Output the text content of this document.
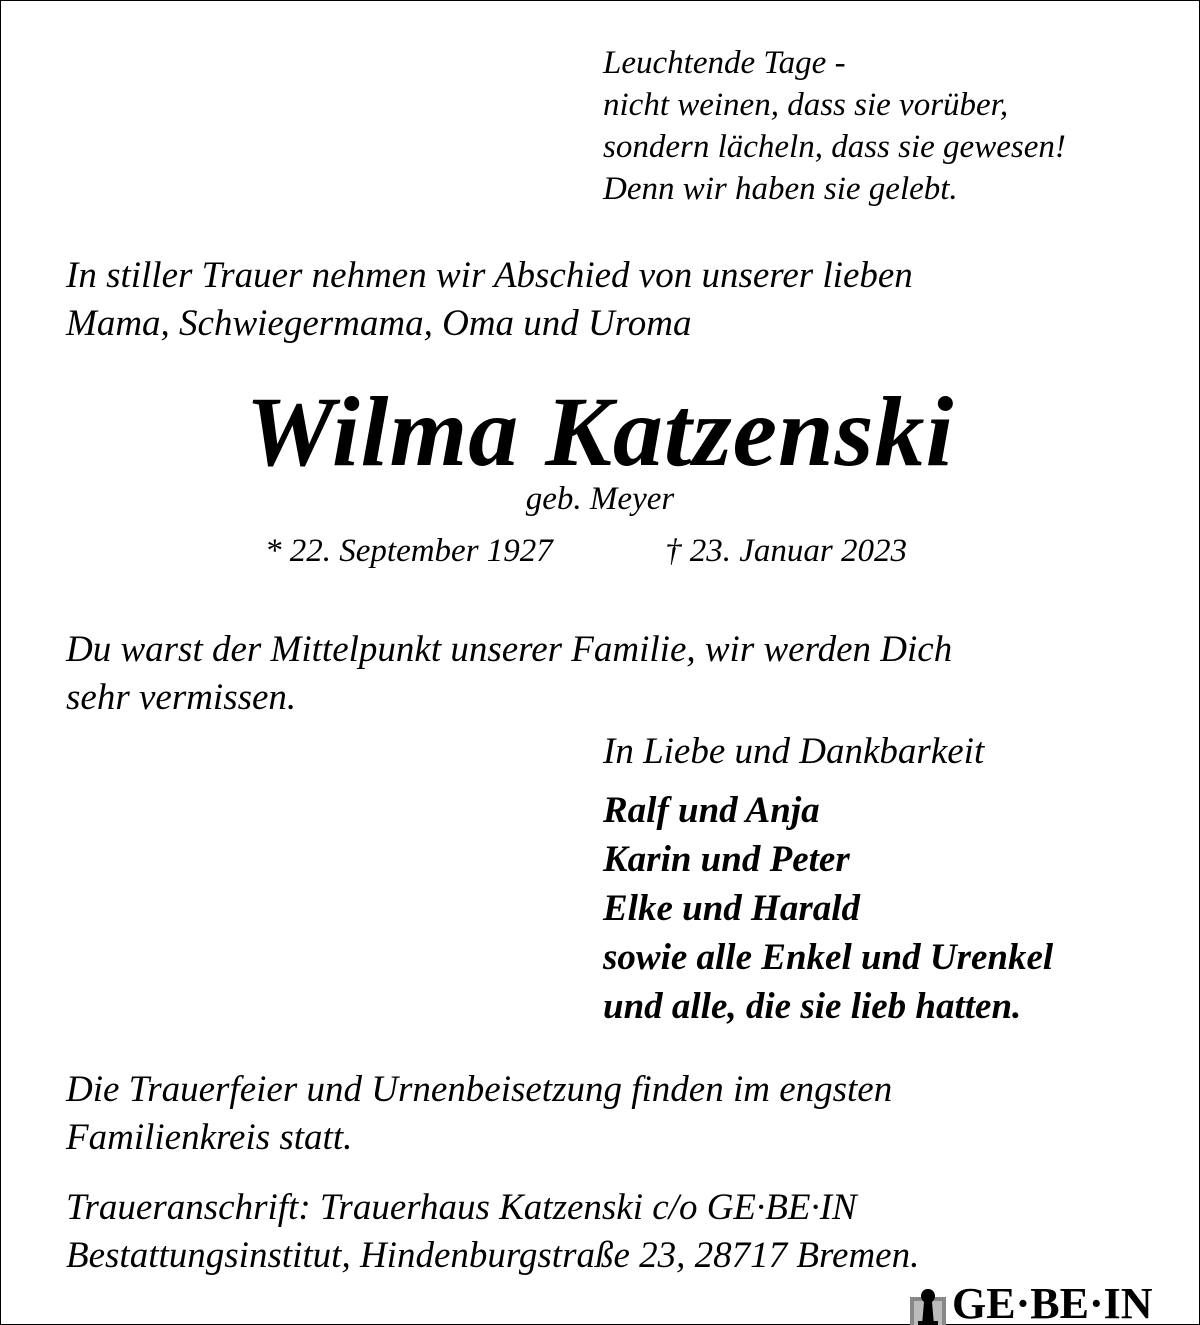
Leuchtende Tage -
nicht weinen, dass sie vorüber,
sondern lächeln, dass sie gewesen!
Denn wir haben sie gelebt.
In stiller Trauer nehmen wir Abschied von unserer lieben
Mama, Schwiegermama, Oma und Uroma
Wilma Katzenski
geb. Meyer
* 22. September 1927	† 23. Januar 2023
Du warst der Mittelpunkt unserer Familie, wir werden Dich
sehr vermissen.
In Liebe und Dankbarkeit
Ralf und Anja
Karin und Peter
Elke und Harald
sowie alle Enkel und Urenkel
und alle, die sie lieb hatten.
Die Trauerfeier und Urnenbeisetzung finden im engsten
Familienkreis statt.
Traueranschrift: Trauerhaus Katzenski c/o GE·BE·IN
Bestattungsinstitut, Hindenburgstraße 23, 28717 Bremen.
GE·BE·IN
